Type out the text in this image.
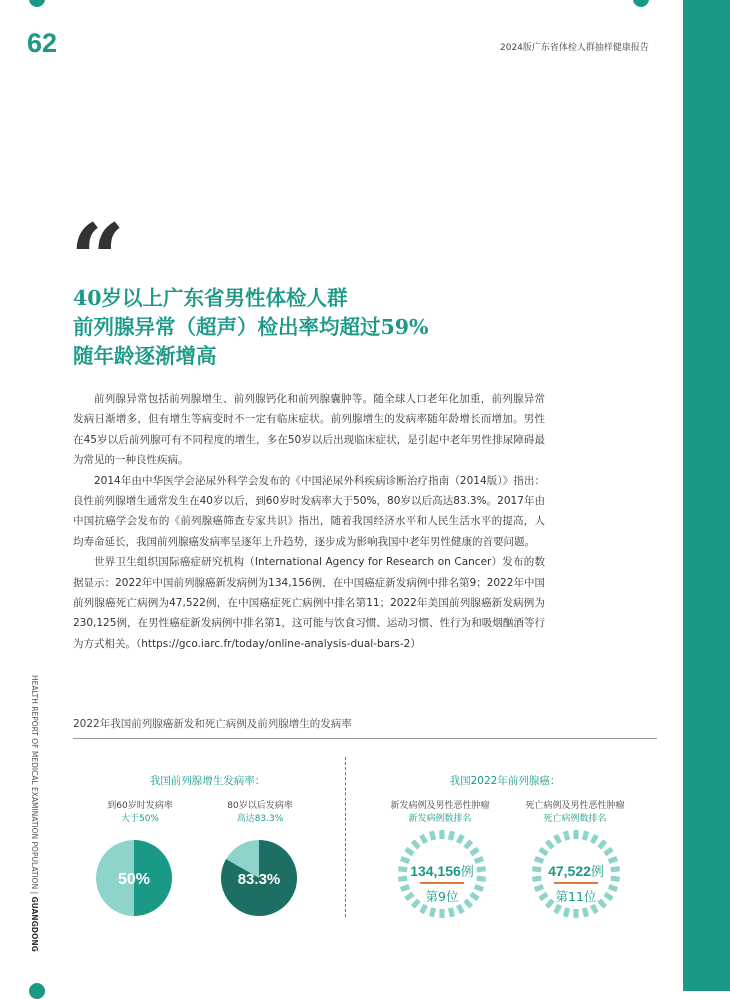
62	2024版广东省体检人群抽样健康报告
“
40岁以上广东省男性体检人群
前列腺异常（超声）检出率均超过59%
随年龄逐渐增高

前列腺异常包括前列腺增生、前列腺钙化和前列腺囊肿等。随全球人口老年化加重，前列腺异常发病日渐增多，但有增生等病变时不一定有临床症状。前列腺增生的发病率随年龄增长而增加。男性在45岁以后前列腺可有不同程度的增生，多在50岁以后出现临床症状，是引起中老年男性排尿障碍最为常见的一种良性疾病。

2014年由中华医学会泌尿外科学会发布的《中国泌尿外科疾病诊断治疗指南（2014版）》指出：良性前列腺增生通常发生在40岁以后，到60岁时发病率大于50%，80岁以后高达83.3%。2017年由中国抗癌学会发布的《前列腺癌筛查专家共识》指出，随着我国经济水平和人民生活水平的提高，人均寿命延长，我国前列腺癌发病率呈逐年上升趋势，逐步成为影响我国中老年男性健康的首要问题。

世界卫生组织国际癌症研究机构（International Agency for Research on Cancer）发布的数据显示：2022年中国前列腺癌新发病例为134,156例，在中国癌症新发病例中排名第9；2022年中国前列腺癌死亡病例为47,522例，在中国癌症死亡病例中排名第11；2022年美国前列腺癌新发病例为230,125例，在男性癌症新发病例中排名第1，这可能与饮食习惯、运动习惯、性行为和吸烟酗酒等行为方式相关。（https://gco.iarc.fr/today/online-analysis-dual-bars-2）

HEALTH REPORT OF MEDICAL EXAMINATION POPULATION | GUANGDONG
2022年我国前列腺癌新发和死亡病例及前列腺增生的发病率
我国前列腺增生发病率：
到60岁时发病率
大于50%
50%
80岁以后发病率
高达83.3%
83.3%
我国2022年前列腺癌：
新发病例及男性恶性肿瘤
新发病例数排名
134,156例
第9位
死亡病例及男性恶性肿瘤
死亡病例数排名
47,522例
第11位
